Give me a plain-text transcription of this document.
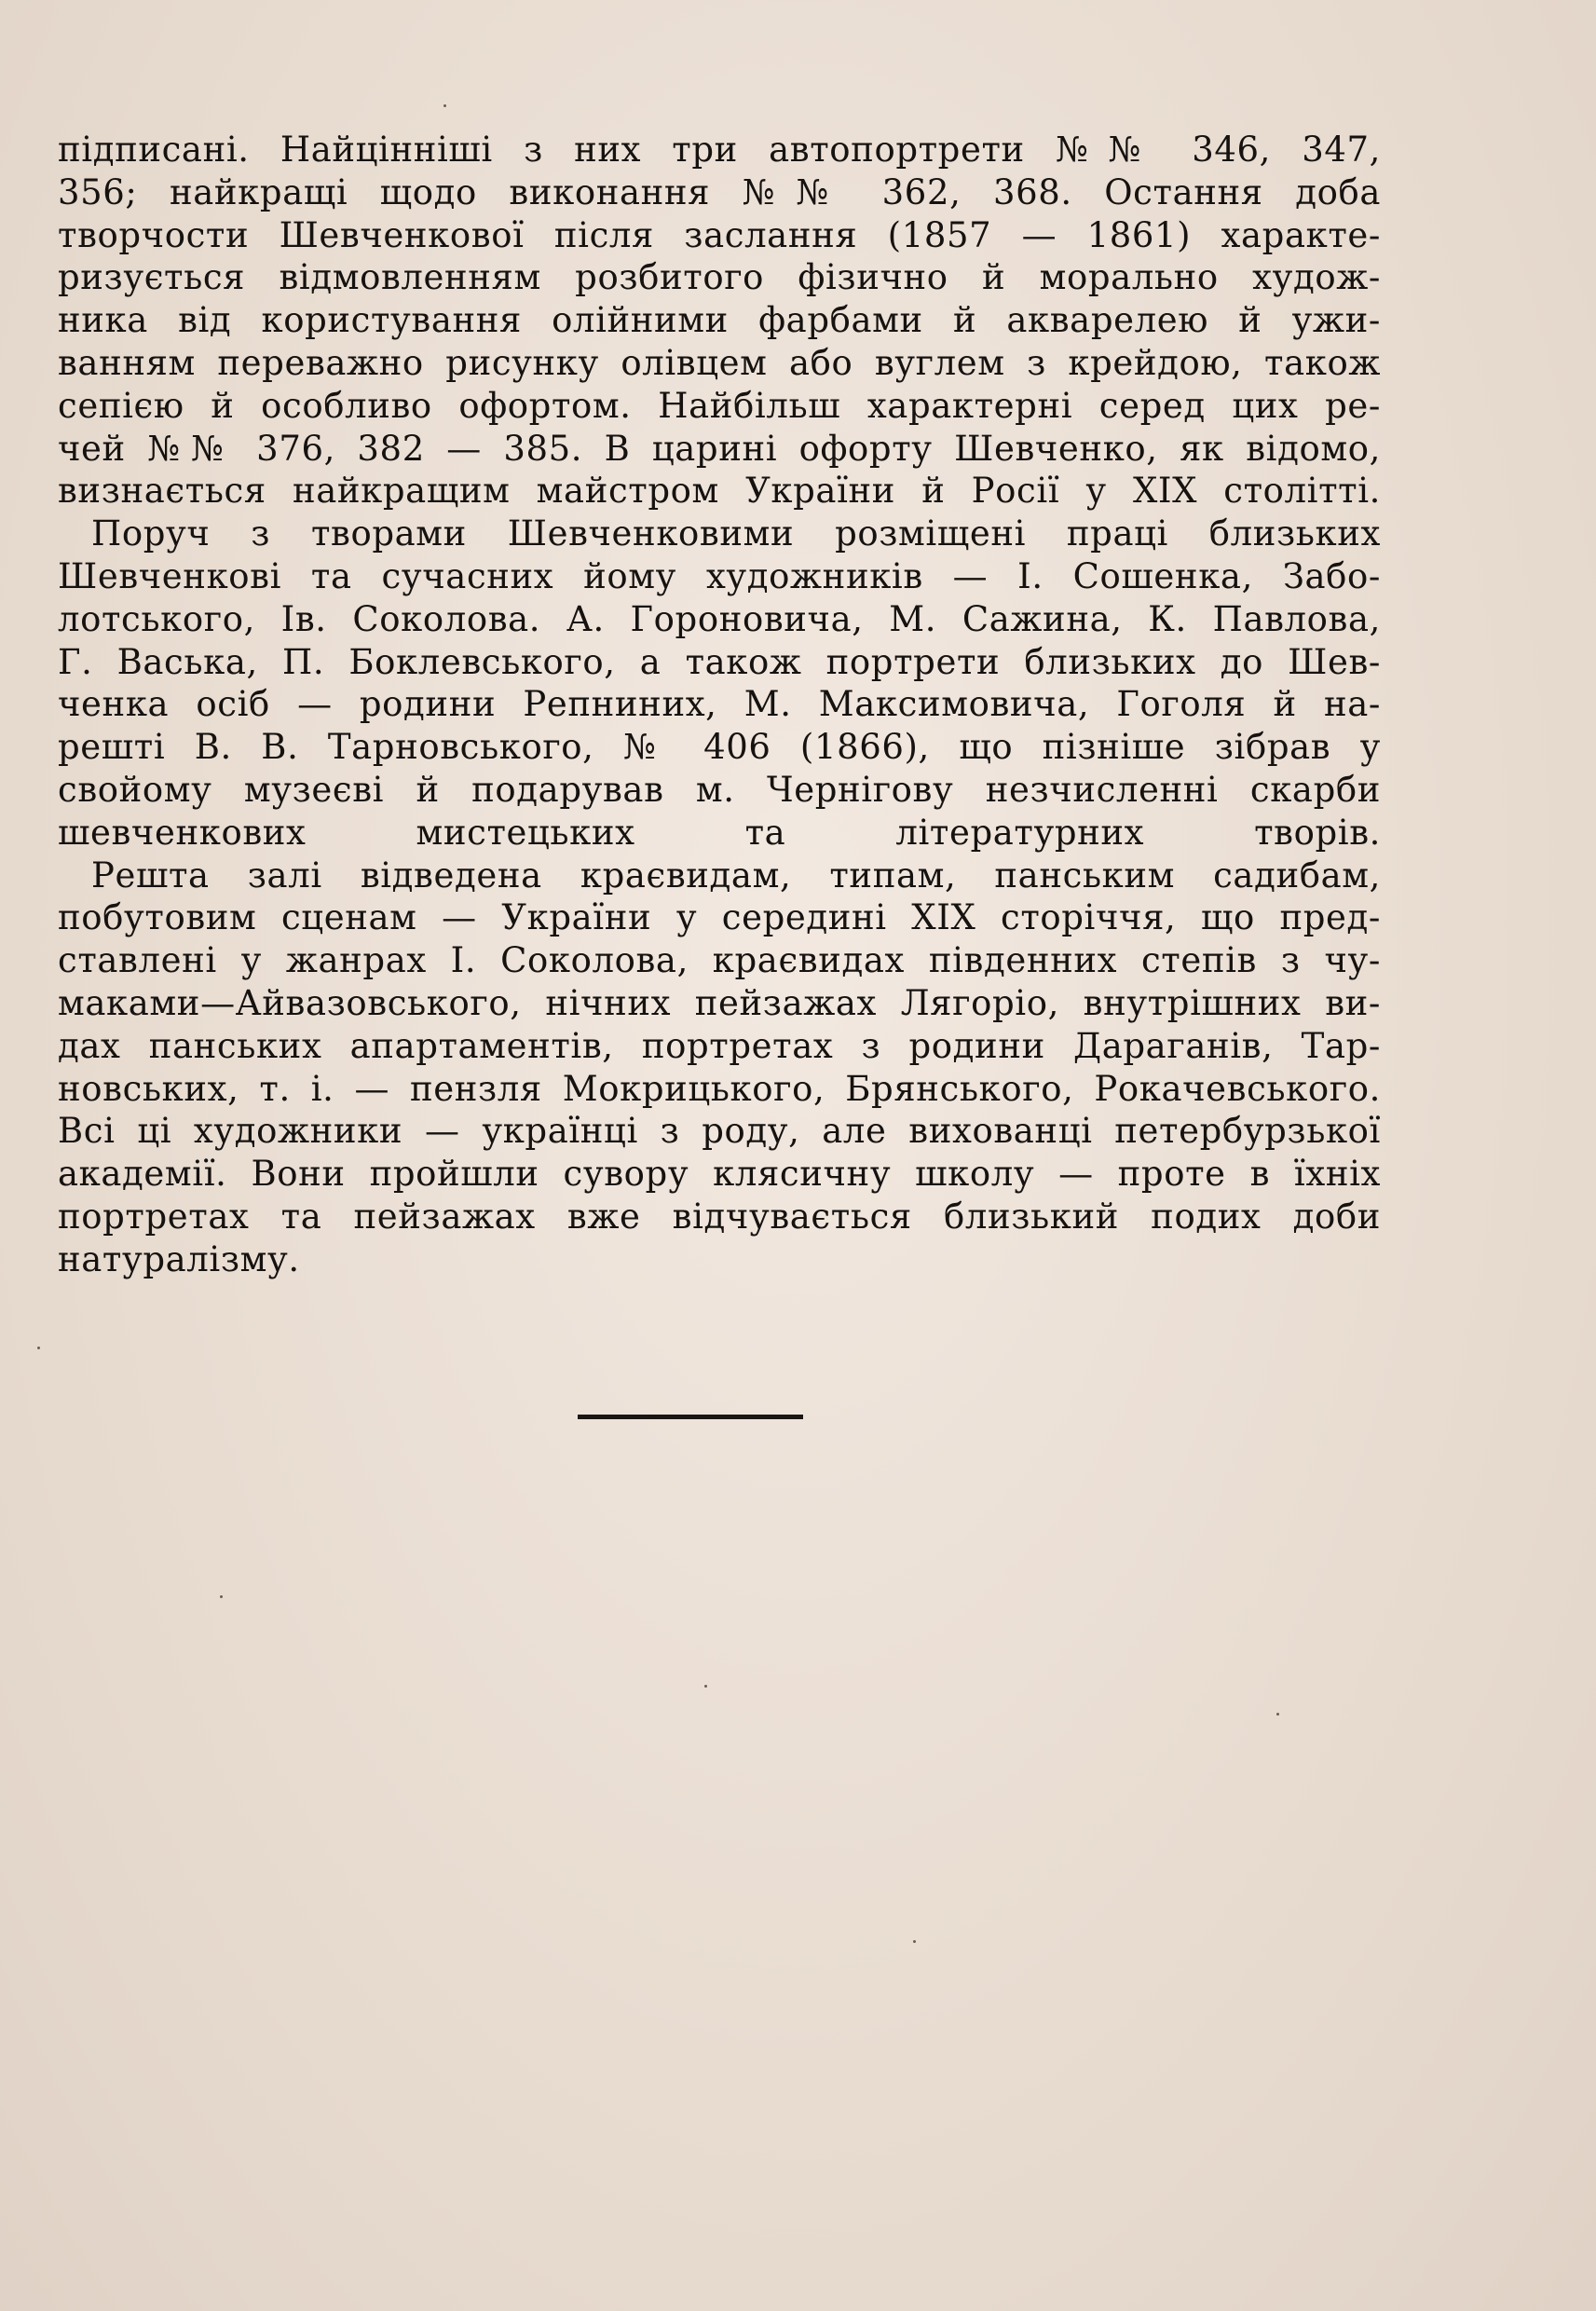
підписані. Найцінніші з них три автопортрети №№ 346, 347,
356; найкращі щодо виконання №№ 362, 368. Остання доба
творчости Шевченкової після заслання (1857 — 1861) характе-
ризується відмовленням розбитого фізично й морально худож-
ника від користування олійними фарбами й акварелею й ужи-
ванням переважно рисунку олівцем або вуглем з крейдою, також
сепією й особливо офортом. Найбільш характерні серед цих ре-
чей №№ 376, 382 — 385. В царині офорту Шевченко, як відомо,
визнається найкращим майстром України й Росії у XIX столітті.
Поруч з творами Шевченковими розміщені праці близьких
Шевченкові та сучасних йому художників — І. Сошенка, Забо-
лотського, Ів. Соколова. А. Гороновича, М. Сажина, К. Павлова,
Г. Васька, П. Боклевського, а також портрети близьких до Шев-
ченка осіб — родини Репниних, М. Максимовича, Гоголя й на-
решті В. В. Тарновського, № 406 (1866), що пізніше зібрав у
свойому музеєві й подарував м. Чернігову незчисленні скарби
шевченкових мистецьких та літературних творів.
Решта залі відведена краєвидам, типам, панським садибам,
побутовим сценам — України у середині XIX сторіччя, що пред-
ставлені у жанрах І. Соколова, краєвидах південних степів з чу-
маками—Айвазовського, нічних пейзажах Лягоріо, внутрішних ви-
дах панських апартаментів, портретах з родини Дараганів, Тар-
новських, т. і. — пензля Мокрицького, Брянського, Рокачевського.
Всі ці художники — українці з роду, але вихованці петербурзької
академії. Вони пройшли сувору клясичну школу — проте в їхніх
портретах та пейзажах вже відчувається близький подих доби
натуралізму.
